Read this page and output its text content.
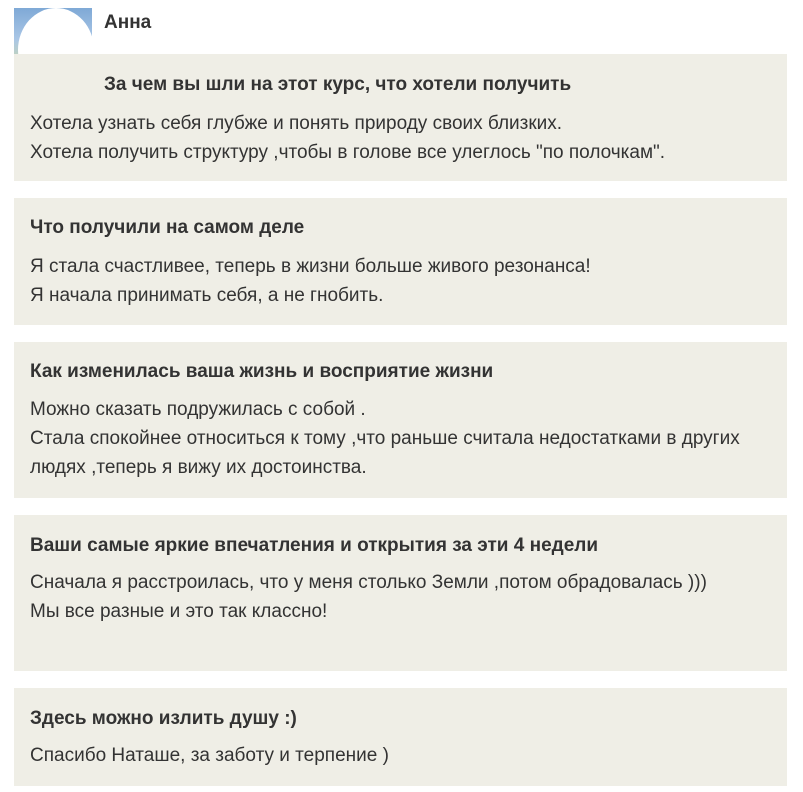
Анна
За чем вы шли на этот курс, что хотели получить

Хотела узнать себя глубже и понять природу своих близких.

Хотела получить структуру ,чтобы в голове все улеглось "по полочкам".

Что получили на самом деле

Я стала счастливее, теперь в жизни больше живого резонанса!

Я начала принимать себя, а не гнобить.

Как изменилась ваша жизнь и восприятие жизни

Можно сказать подружилась с собой .

Стала спокойнее относиться к тому ,что раньше считала недостатками в других людях ,теперь я вижу их достоинства.

Ваши самые яркие впечатления и открытия за эти 4 недели

Сначала я расстроилась, что у меня столько Земли ,потом обрадовалась )))

Мы все разные и это так классно!

Здесь можно излить душу :)

Спасибо Наташе, за заботу и терпение )
